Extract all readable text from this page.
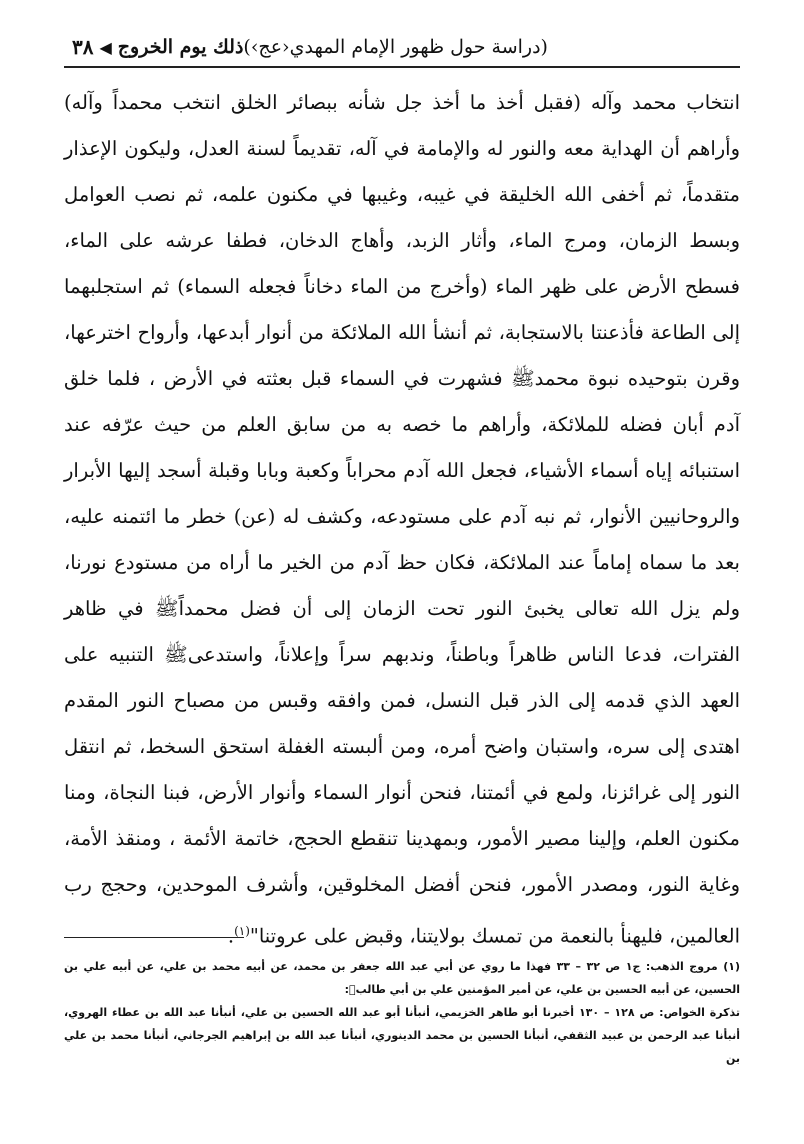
٣٨ ◀ ذلك يوم الخروج (دراسة حول ظهور الإمام المهدي‹عج›)

انتخاب محمد وآله (فقبل أخذ ما أخذ جل شأنه ببصائر الخلق انتخب محمداً وآله) وأراهم أن الهداية معه والنور له والإمامة في آله، تقديماً لسنة العدل، وليكون الإعذار متقدماً، ثم أخفى الله الخليقة في غيبه، وغيبها في مكنون علمه، ثم نصب العوامل وبسط الزمان، ومرج الماء، وأثار الزبد، وأهاج الدخان، فطفا عرشه على الماء، فسطح الأرض على ظهر الماء (وأخرج من الماء دخاناً فجعله السماء) ثم استجلبهما إلى الطاعة فأذعنتا بالاستجابة، ثم أنشأ الله الملائكة من أنوار أبدعها، وأرواح اخترعها، وقرن بتوحيده نبوة محمدﷺ فشهرت في السماء قبل بعثته في الأرض ، فلما خلق آدم أبان فضله للملائكة، وأراهم ما خصه به من سابق العلم من حيث عرّفه عند استنبائه إياه أسماء الأشياء، فجعل الله آدم محراباً وكعبة وبابا وقبلة أسجد إليها الأبرار والروحانيين الأنوار، ثم نبه آدم على مستودعه، وكشف له (عن) خطر ما ائتمنه عليه، بعد ما سماه إماماً عند الملائكة، فكان حظ آدم من الخير ما أراه من مستودع نورنا، ولم يزل الله تعالى يخبئ النور تحت الزمان إلى أن فضل محمداًﷺ في ظاهر الفترات، فدعا الناس ظاهراً وباطناً، وندبهم سراً وإعلاناً، واستدعىﷺ التنبيه على العهد الذي قدمه إلى الذر قبل النسل، فمن وافقه وقبس من مصباح النور المقدم اهتدى إلى سره، واستبان واضح أمره، ومن ألبسته الغفلة استحق السخط، ثم انتقل النور إلى غرائزنا، ولمع في أئمتنا، فنحن أنوار السماء وأنوار الأرض، فبنا النجاة، ومنا مكنون العلم، وإلينا مصير الأمور، وبمهدينا تنقطع الحجج، خاتمة الأئمة ، ومنقذ الأمة، وغاية النور، ومصدر الأمور، فنحن أفضل المخلوقين، وأشرف الموحدين، وحجج رب العالمين، فليهنأ بالنعمة من تمسك بولايتنا، وقبض على عروتنا"$^{(١)}$.

(١) مروج الذهب: ج١ ص ٣٢ – ٣٣ فهذا ما روي عن أبي عبد الله جعفر بن محمد، عن أبيه محمد بن علي، عن أبيه علي بن الحسين، عن أبيه الحسين بن علي، عن أمير المؤمنين علي بن أبي طالبؑ:

تذكرة الخواص: ص ١٢٨ – ١٣٠ أخبرنا أبو طاهر الخزيمي، أنبأنا أبو عبد الله الحسين بن علي، أنبأنا عبد الله بن عطاء الهروي، أنبأنا عبد الرحمن بن عبيد الثقفي، أنبأنا الحسين بن محمد الدينوري، أنبأنا عبد الله بن إبراهيم الجرجاني، أنبأنا محمد بن علي بن
